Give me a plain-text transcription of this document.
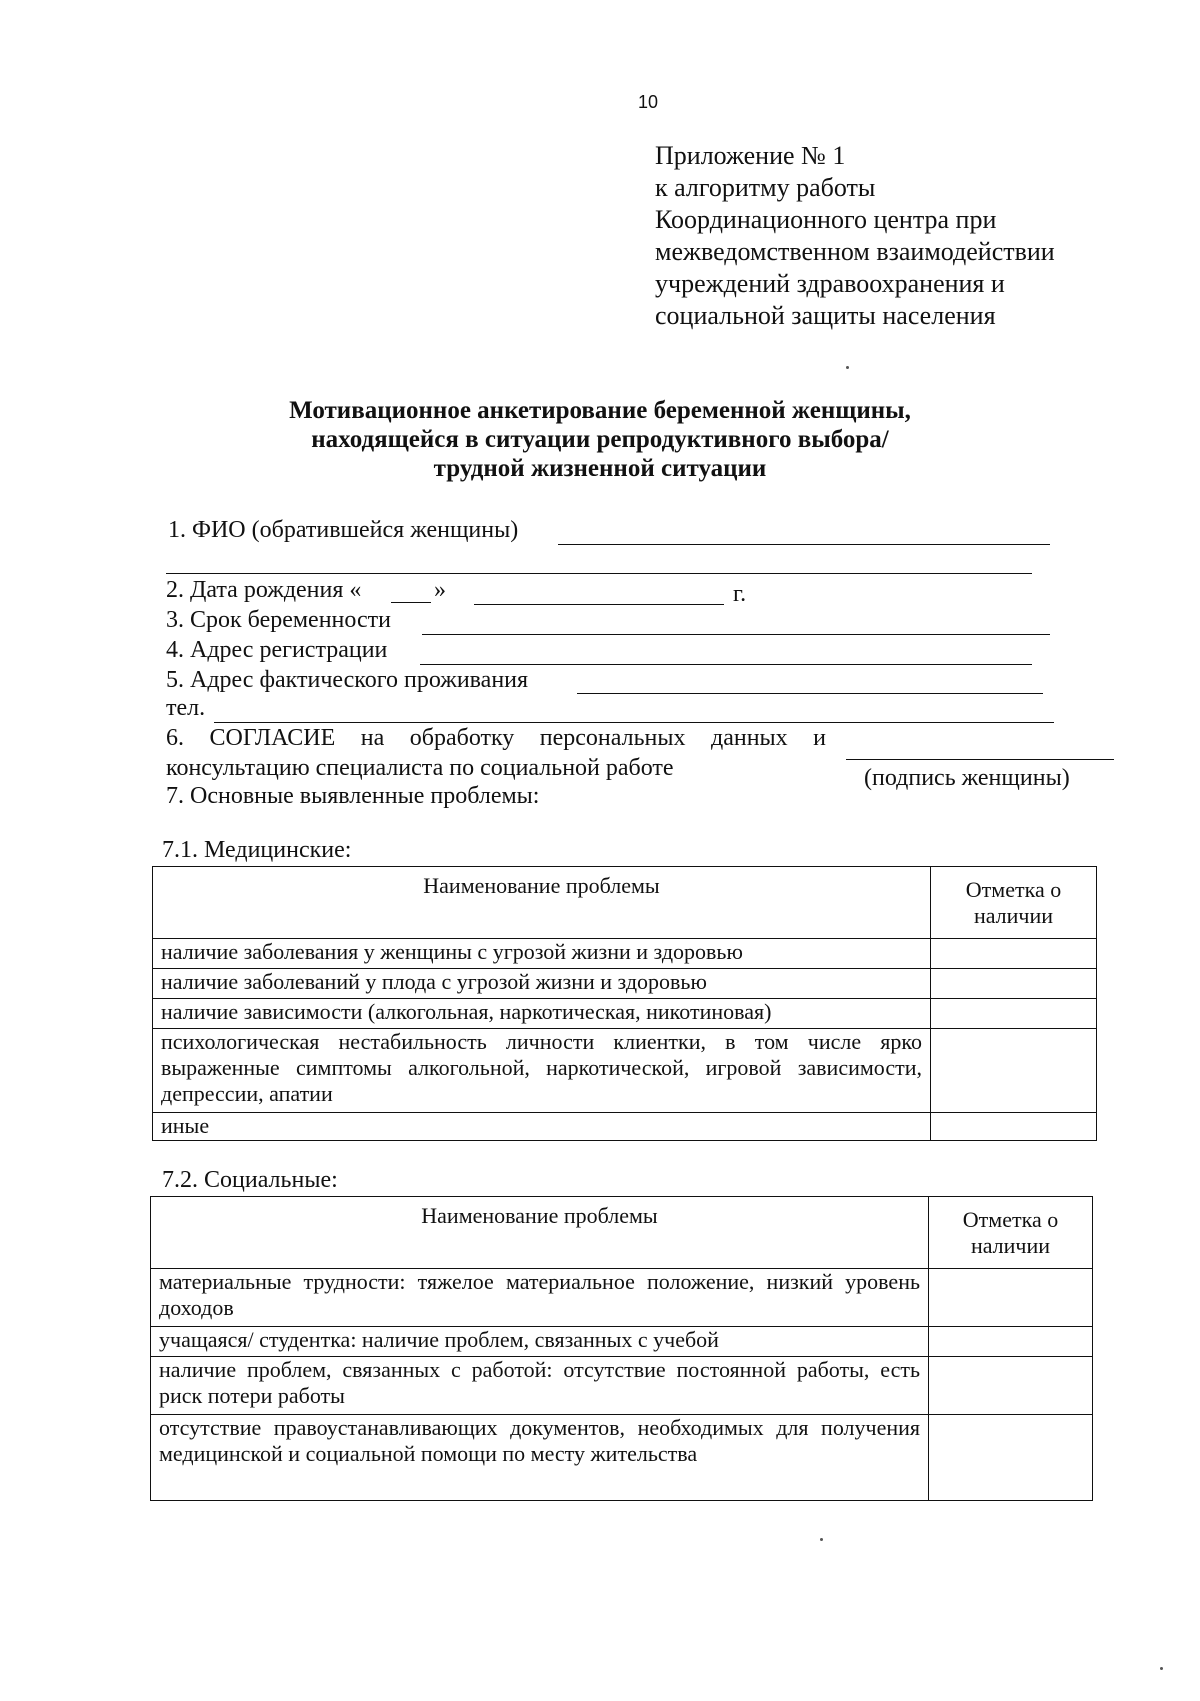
10
Приложение № 1
к алгоритму работы
Координационного центра при
межведомственном взаимодействии
учреждений здравоохранения и
социальной защиты населения
Мотивационное анкетирование беременной женщины,
находящейся в ситуации репродуктивного выбора/
трудной жизненной ситуации
1. ФИО (обратившейся женщины)
2. Дата рождения «	»	г.
3. Срок беременности
4. Адрес регистрации
5. Адрес фактического проживания
тел.
6. СОГЛАСИЕ на обработку персональных данных и
консультацию специалиста по социальной работе	(подпись женщины)
7. Основные выявленные проблемы:
7.1. Медицинские:
Наименование проблемы	Отметка о наличии
наличие заболевания у женщины с угрозой жизни и здоровью	
наличие заболеваний у плода с угрозой жизни и здоровью	
наличие зависимости (алкогольная, наркотическая, никотиновая)	
психологическая нестабильность личности клиентки, в том числе ярко выраженные симптомы алкогольной, наркотической, игровой зависимости, депрессии, апатии	
иные	
7.2. Социальные:
Наименование проблемы	Отметка о наличии
материальные трудности: тяжелое материальное положение, низкий уровень доходов	
учащаяся/ студентка: наличие проблем, связанных с учебой	
наличие проблем, связанных с работой: отсутствие постоянной работы, есть риск потери работы	
отсутствие правоустанавливающих документов, необходимых для получения медицинской и социальной помощи по месту жительства	
